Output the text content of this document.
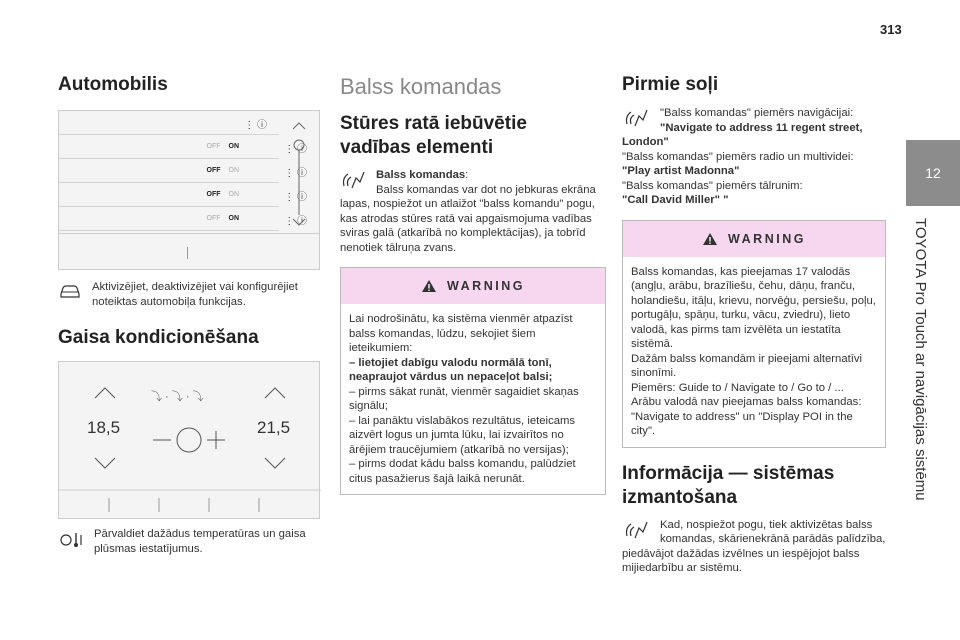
313
12
TOYOTA Pro Touch ar navigācijas sistēmu
Automobilis
⋮ ⓘ
OFF ON	⋮ ⓘ
OFF ON	⋮ ⓘ
OFF ON	⋮ ⓘ
OFF ON	⋮ ⓘ

Aktivizējiet, deaktivizējiet vai konfigurējiet noteiktas automobiļa funkcijas.

Gaisa kondicionēšana
18,5	21,5
⤵ · ⤵ · ⤵

Pārvaldiet dažādus temperatūras un gaisa plūsmas iestatījumus.

Balss komandas
Stūres ratā iebūvētie
vadības elementi

Balss komandas:
Balss komandas var dot no jebkuras ekrāna lapas, nospiežot un atlaižot "balss komandu" pogu, kas atrodas stūres ratā vai apgaismojuma vadības sviras galā (atkarībā no komplektācijas), ja tobrīd nenotiek tālruņa zvans.

WARNING

Lai nodrošinātu, ka sistēma vienmēr atpazīst balss komandas, lūdzu, sekojiet šiem ieteikumiem:

– lietojiet dabīgu valodu normālā tonī, neapraujot vārdus un nepaceļot balsi;

– pirms sākat runāt, vienmēr sagaidiet skaņas signālu;

– lai panāktu vislabākos rezultātus, ieteicams aizvērt logus un jumta lūku, lai izvairītos no ārējiem traucējumiem (atkarībā no versijas);

– pirms dodat kādu balss komandu, palūdziet citus pasažierus šajā laikā nerunāt.

Pirmie soļi

"Balss komandas" piemērs navigācijai:

"Navigate to address 11 regent street, London"

"Balss komandas" piemērs radio un multividei:

"Play artist Madonna"

"Balss komandas" piemērs tālrunim:

"Call David Miller" "

WARNING

Balss komandas, kas pieejamas 17 valodās (angļu, arābu, brazīliešu, čehu, dāņu, franču, holandiešu, itāļu, krievu, norvēģu, persiešu, poļu, portugāļu, spāņu, turku, vācu, zviedru), lieto valodā, kas pirms tam izvēlēta un iestatīta sistēmā.

Dažām balss komandām ir pieejami alternatīvi sinonīmi.

Piemērs: Guide to / Navigate to / Go to / ...

Arābu valodā nav pieejamas balss komandas: "Navigate to address" un "Display POI in the city".

Informācija — sistēmas
izmantošana

Kad, nospiežot pogu, tiek aktivizētas balss komandas, skārienekrānā parādās palīdzība, piedāvājot dažādas izvēlnes un iespējojot balss mijiedarbību ar sistēmu.
